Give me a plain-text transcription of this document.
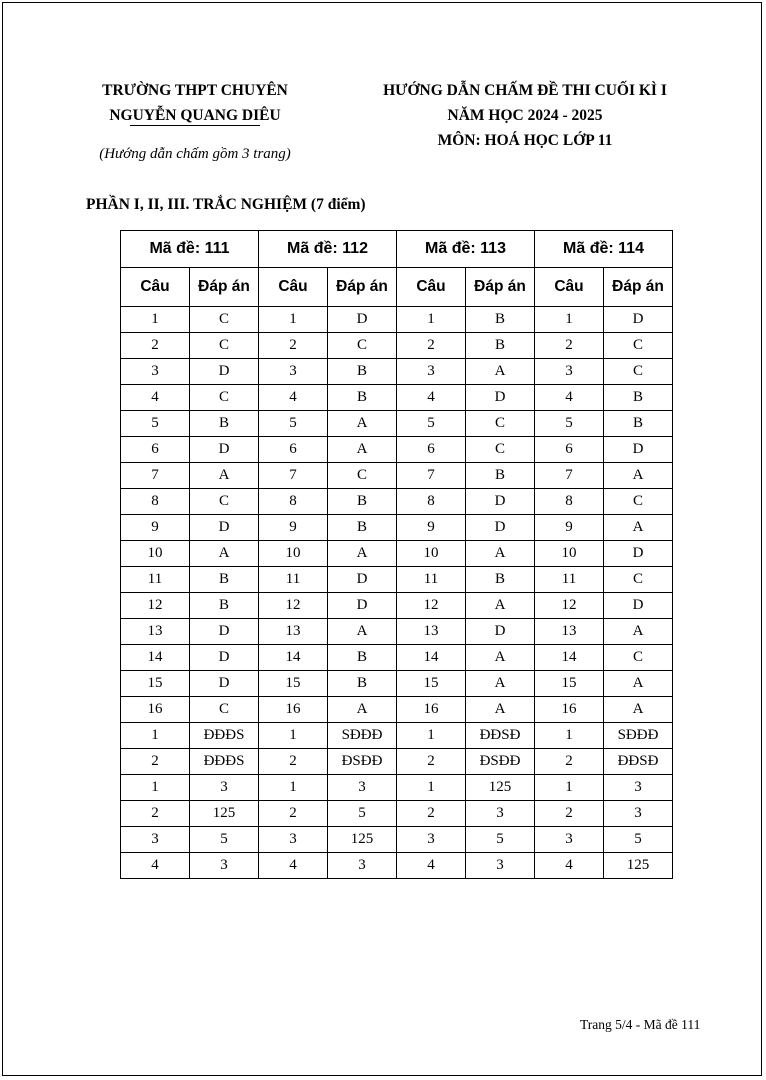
TRƯỜNG THPT CHUYÊN
NGUYỄN QUANG DIÊU
(Hướng dẫn chấm gồm 3 trang)
HƯỚNG DẪN CHẤM ĐỀ THI CUỐI KÌ I
NĂM HỌC 2024 - 2025
MÔN: HOÁ HỌC LỚP 11
PHẦN I, II, III. TRẮC NGHIỆM (7 điểm)
Mã đề: 111		Mã đề: 112		Mã đề: 113		Mã đề: 114	
Câu	Đáp án	Câu	Đáp án	Câu	Đáp án	Câu	Đáp án
1	C	1	D	1	B	1	D
2	C	2	C	2	B	2	C
3	D	3	B	3	A	3	C
4	C	4	B	4	D	4	B
5	B	5	A	5	C	5	B
6	D	6	A	6	C	6	D
7	A	7	C	7	B	7	A
8	C	8	B	8	D	8	C
9	D	9	B	9	D	9	A
10	A	10	A	10	A	10	D
11	B	11	D	11	B	11	C
12	B	12	D	12	A	12	D
13	D	13	A	13	D	13	A
14	D	14	B	14	A	14	C
15	D	15	B	15	A	15	A
16	C	16	A	16	A	16	A
1	ĐĐĐS	1	SĐĐĐ	1	ĐĐSĐ	1	SĐĐĐ
2	ĐĐĐS	2	ĐSĐĐ	2	ĐSĐĐ	2	ĐĐSĐ
1	3	1	3	1	125	1	3
2	125	2	5	2	3	2	3
3	5	3	125	3	5	3	5
4	3	4	3	4	3	4	125
Trang 5/4 - Mã đề 111
